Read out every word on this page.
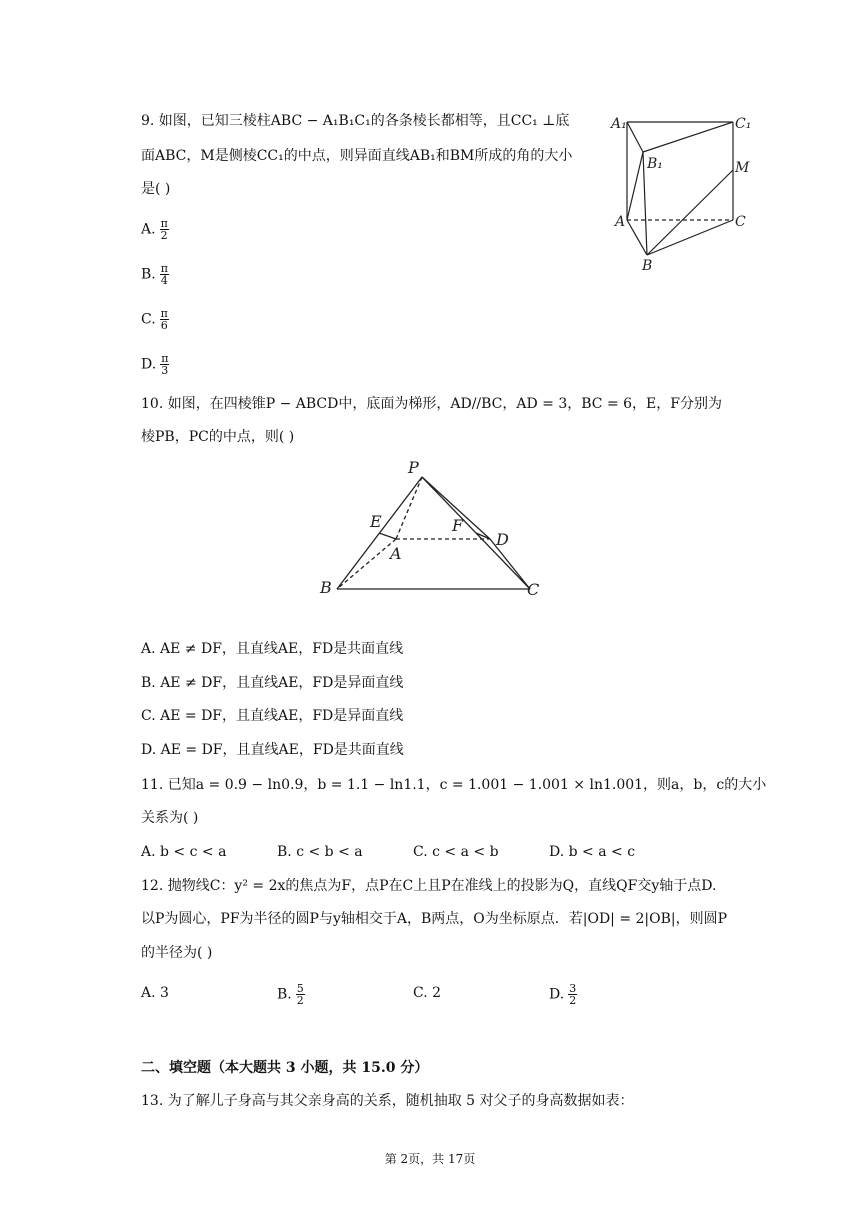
9. 如图，已知三棱柱ABC − A₁B₁C₁的各条棱长都相等，且CC₁ ⊥底
面ABC，M是侧棱CC₁的中点，则异面直线AB₁和BM所成的角的大小
是( )
A. $\frac{\pi}{2}$
B. $\frac{\pi}{4}$
C. $\frac{\pi}{6}$
D. $\frac{\pi}{3}$
A₁	C₁
B₁	M
A	C
B
10. 如图，在四棱锥P − ABCD中，底面为梯形，AD//BC，AD = 3，BC = 6，E，F分别为
棱PB，PC的中点，则( )
P
E	F
D
A
B	C
A. AE ≠ DF，且直线AE，FD是共面直线
B. AE ≠ DF，且直线AE，FD是异面直线
C. AE = DF，且直线AE，FD是异面直线
D. AE = DF，且直线AE，FD是共面直线
11. 已知a = 0.9 − ln0.9，b = 1.1 − ln1.1，c = 1.001 − 1.001 × ln1.001，则a，b，c的大小
关系为( )
A. b < c < a	B. c < b < a	C. c < a < b	D. b < a < c
12. 抛物线C：y² = 2x的焦点为F，点P在C上且P在准线上的投影为Q，直线QF交y轴于点D.
以P为圆心，PF为半径的圆P与y轴相交于A，B两点，O为坐标原点．若|OD| = 2|OB|，则圆P
的半径为( )
A. 3	B. $\frac{5}{2}$	C. 2	D. $\frac{3}{2}$
二、填空题（本大题共 3 小题，共 15.0 分）
13. 为了解儿子身高与其父亲身高的关系，随机抽取 5 对父子的身高数据如表：
第 2页，共 17页
